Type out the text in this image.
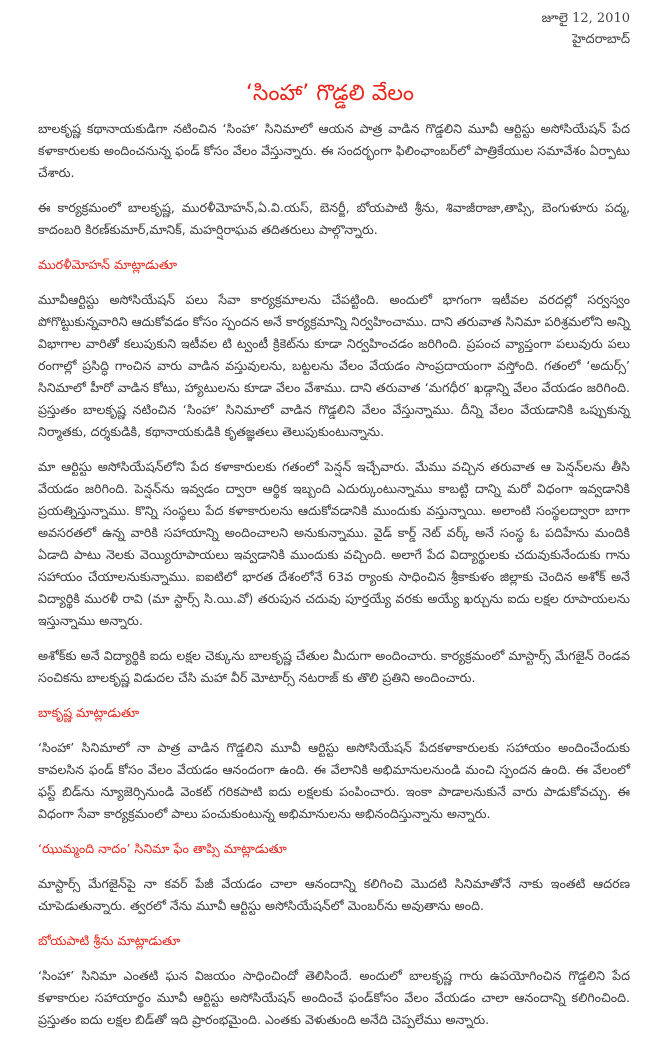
జూలై 12, 2010
హైదరాబాద్
‘సింహా’ గొడ్డలి వేలం

బాలకృష్ణ కథానాయకుడిగా నటించిన ‘సింహా’ సినిమాలో ఆయన పాత్ర వాడిన గొడ్డలిని మూవీ ఆర్టిస్టు అసోసియేషన్ పేద కళాకారులకు అందించనున్న ఫండ్ కోసం వేలం వేస్తున్నారు. ఈ సందర్భంగా ఫిలింఛాంబర్‌లో పాత్రికేయుల సమావేశం ఏర్పాటు చేశారు.

ఈ కార్యక్రమంలో బాలకృష్ణ, మురళీమోహన్,ఏ.వి.యస్, బెనర్జీ, బోయపాటి శ్రీను, శివాజీరాజా,తాప్సి, బెంగుళూరు పద్మ, కాదంబరి కిరణ్‌కుమార్,మానిక్, మహర్షిరాఘవ తదితరులు పాల్గొన్నారు.

మురళీమోహన్ మాట్లాడుతూ

మూవీఆర్టిస్టు అసోసియేషన్ పలు సేవా కార్యక్రమాలను చేపట్టింది. అందులో భాగంగా ఇటీవల వరదల్లో సర్వస్వం పోగొట్టుకున్నవారిని ఆదుకోవడం కోసం స్పందన అనే కార్యక్రమాన్ని నిర్వహించాము. దాని తరువాత సినిమా పరిశ్రమలోని అన్ని విభాగాల వారితో కలుపుకుని ఇటీవల టి ట్వంటీ క్రికెట్‌ను కూడా నిర్వహించడం జరిగింది. ప్రపంచ వ్యాప్తంగా పలువురు పలు రంగాల్లో ప్రసిద్ధి గాంచిన వారు వాడిన వస్తువులను, బట్టలను వేలం వేయడం సాంప్రదాయంగా వస్తోంది. గతంలో ‘అదుర్స్’ సినిమాలో హీరో వాడిన కోటు, హ్యాటులను కూడా వేలం వేశాము. దాని తరువాత ‘మగధీర’ ఖడ్గాన్ని వేలం వేయడం జరిగింది. ప్రస్తుతం బాలకృష్ణ నటించిన ‘సింహా’ సినిమాలో వాడిన గొడ్డలిని వేలం వేస్తున్నాము. దీన్ని వేలం వేయడానికి ఒప్పుకున్న నిర్మాతకు, దర్శకుడికి, కథానాయకుడికి కృతజ్ఞతలు తెలుపుకుంటున్నాను.

మా ఆర్టిస్టు అసోసియేషన్‌లోని పేద కళాకారులకు గతంలో పెన్షన్ ఇచ్చేవారు. మేము వచ్చిన తరువాత ఆ పెన్షన్‌లను తీసి వేయడం జరిగింది. పెన్షన్‌ను ఇవ్వడం ద్వారా ఆర్థిక ఇబ్బంది ఎదుర్కుంటున్నాము కాబట్టి దాన్ని మరో విధంగా ఇవ్వడానికి ప్రయత్నిస్తున్నాము. కొన్ని సంస్థలు పేద కళాకారులను ఆదుకోవడానికి ముందుకు వస్తున్నాయి. అలాంటి సంస్థలద్వారా బాగా అవసరతలో ఉన్న వారికి సహాయాన్ని అందించాలని అనుకున్నాము. వైడ్ కార్డ్ నెట్ వర్క్ అనే సంస్థ ఓ పదిహేను మందికి ఏడాది పాటు నెలకు వెయ్యిరూపాయలు ఇవ్వడానికి ముందుకు వచ్చింది. అలాగే పేద విద్యార్థులకు చదువుకునేందుకు గాను సహాయం చేయాలనుకున్నాము. ఐఐటిలో భారత దేశంలోనే 63వ ర్యాంకు సాధించిన శ్రీకాకుళం జిల్లాకు చెందిన అశోక్ అనే విద్యార్థికి మురళీ రావి (మా స్టార్స్ సి.యి.వో) తరుపున చదువు పూర్తయ్యే వరకు అయ్యే ఖర్చును ఐదు లక్షల రూపాయలను ఇస్తున్నాము అన్నారు.

అశోక్‌కు అనే విద్యార్థికి ఐదు లక్షల చెక్కును బాలకృష్ణ చేతుల మీదుగా అందించారు. కార్యక్రమంలో మాస్టార్స్ మేగజైన్ రెండవ సంచికను బాలకృష్ణ విడుదల చేసి మహా వీర్ మోటార్స్ నటరాజ్ కు తొలి ప్రతిని అందించారు.

బాకృష్ణ మాట్లాడుతూ

‘సింహా’ సినిమాలో నా పాత్ర వాడిన గొడ్డలిని మూవీ ఆర్టిస్టు అసోసియేషన్ పేదకళాకారులకు సహాయం అందించేందుకు కావలసిన ఫండ్ కోసం వేలం వేయడం ఆనందంగా ఉంది. ఈ వేలానికి అభిమానులనుండి మంచి స్పందన ఉంది. ఈ వేలంలో ఫస్ట్ బిడ్‌ను న్యూజెర్సినుండి వెంకట్ గరికపాటి ఐదు లక్షలకు పంపించారు. ఇంకా పాడాలనుకునే వారు పాడుకోవచ్చు. ఈ విధంగా సేవా కార్యక్రమంలో పాలు పంచుకుంటున్న అభిమానులను అభినందిస్తున్నాను అన్నారు.

‘ఝుమ్మంది నాదం’ సినిమా ఫేం తాప్సి మాట్లాడుతూ

మాస్టార్స్ మేగజైన్‌పై నా కవర్ పేజీ వేయడం చాలా ఆనందాన్ని కలిగించి మొదటి సినిమాతోనే నాకు ఇంతటి ఆదరణ చూపెడుతున్నారు. త్వరలో నేను మూవీ ఆర్టిస్టు అసోసియేషన్‌లో మెంబర్‌ను అవుతాను అంది.

బోయపాటి శ్రీను మాట్లాడుతూ

‘సింహా’ సినిమా ఎంతటి ఘన విజయం సాధించిందో తెలిసిందే. అందులో బాలకృష్ణ గారు ఉపయోగించిన గొడ్డలిని పేద కళాకారుల సహాయార్థం మూవీ ఆర్టిస్టు అసోసియేషన్ అందించే ఫండ్‌కోసం వేలం వేయడం చాలా ఆనందాన్ని కలిగించింది. ప్రస్తుతం ఐదు లక్షల బిడ్‌తో ఇది ప్రారంభమైంది. ఎంతకు వెళుతుంది అనేది చెప్పలేము అన్నారు.
